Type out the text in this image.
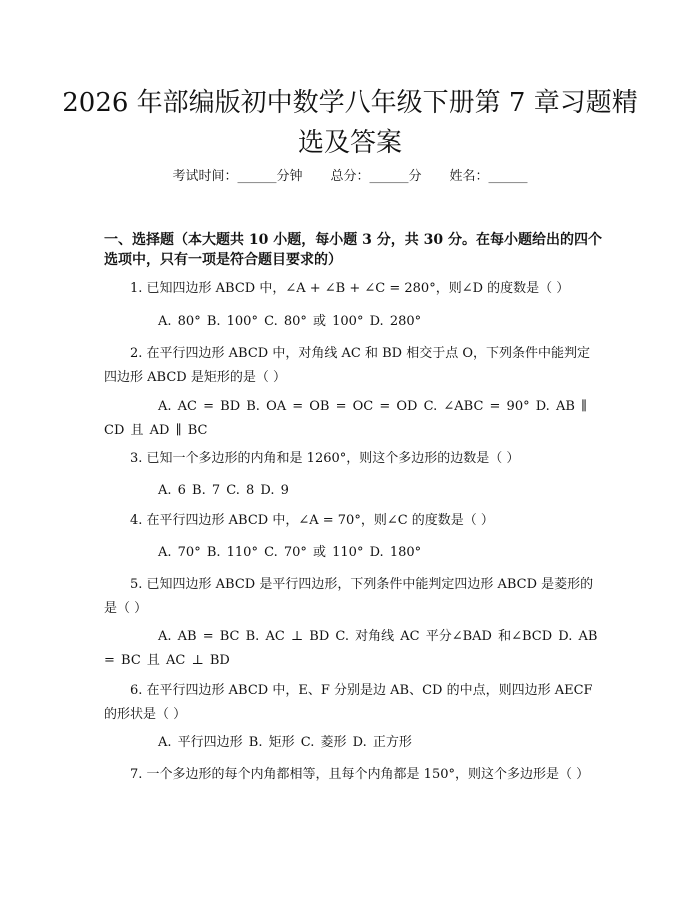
2026 年部编版初中数学八年级下册第 7 章习题精选及答案
考试时间：______分钟 总分：______分 姓名：______
一、选择题（本大题共 10 小题，每小题 3 分，共 30 分。在每小题给出的四个选项中，只有一项是符合题目要求的）
1. 已知四边形 ABCD 中，∠A + ∠B + ∠C = 280°，则∠D 的度数是（ ）
A. 80° B. 100° C. 80° 或 100° D. 280°
2. 在平行四边形 ABCD 中，对角线 AC 和 BD 相交于点 O，下列条件中能判定四边形 ABCD 是矩形的是（ ）
A. AC = BD B. OA = OB = OC = OD C. ∠ABC = 90° D. AB ∥ CD 且 AD ∥ BC
3. 已知一个多边形的内角和是 1260°，则这个多边形的边数是（ ）
A. 6 B. 7 C. 8 D. 9
4. 在平行四边形 ABCD 中，∠A = 70°，则∠C 的度数是（ ）
A. 70° B. 110° C. 70° 或 110° D. 180°
5. 已知四边形 ABCD 是平行四边形，下列条件中能判定四边形 ABCD 是菱形的是（ ）
A. AB = BC B. AC ⊥ BD C. 对角线 AC 平分∠BAD 和∠BCD D. AB = BC 且 AC ⊥ BD
6. 在平行四边形 ABCD 中，E、F 分别是边 AB、CD 的中点，则四边形 AECF 的形状是（ ）
A. 平行四边形 B. 矩形 C. 菱形 D. 正方形
7. 一个多边形的每个内角都相等，且每个内角都是 150°，则这个多边形是（ ）
